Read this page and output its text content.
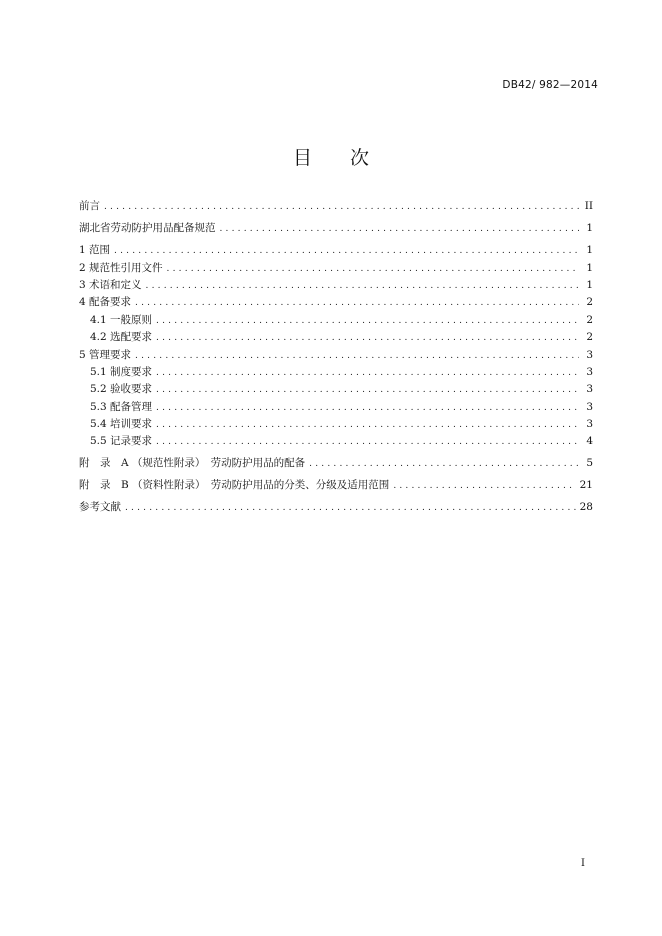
DB42/ 982—2014
目 次
前言 .....	II
湖北省劳动防护用品配备规范 .....	1
1 范围 .....	1
2 规范性引用文件 .....	1
3 术语和定义 .....	1
4 配备要求 .....	2
4.1 一般原则 .....	2
4.2 选配要求 .....	2
5 管理要求 .....	3
5.1 制度要求 .....	3
5.2 验收要求 .....	3
5.3 配备管理 .....	3
5.4 培训要求 .....	3
5.5 记录要求 .....	4
附　录　A （规范性附录）　劳动防护用品的配备 .....	5
附　录　B （资料性附录）　劳动防护用品的分类、分级及适用范围 .....	21
参考文献 .....	28
I
